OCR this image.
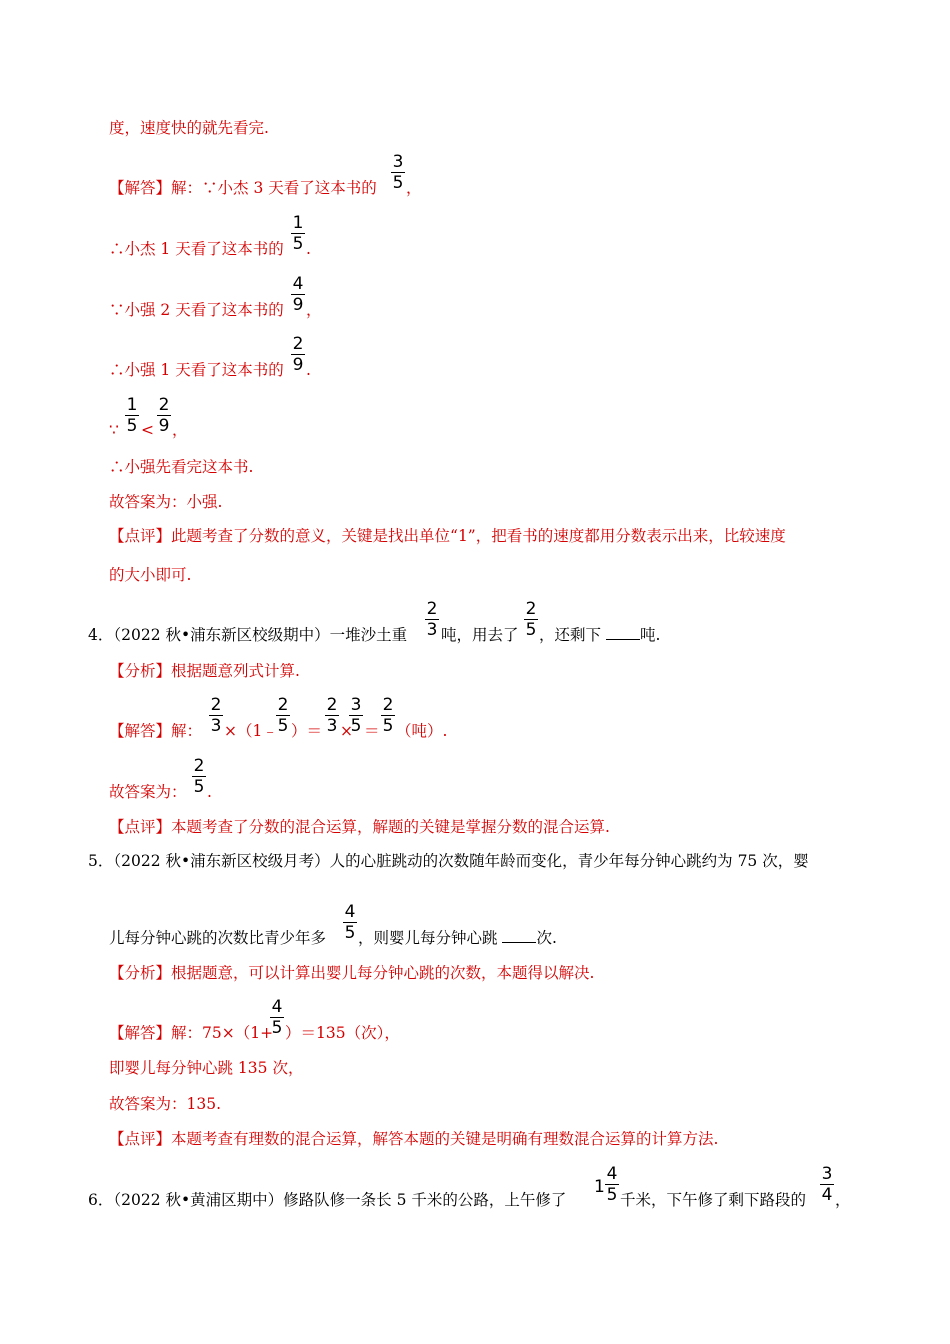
度，速度快的就先看完.
【解答】解：∵小杰 3 天看了这本书的 $\frac{3}{5}$ ，
∴小杰 1 天看了这本书的 $\frac{1}{5}$ .
∵小强 2 天看了这本书的 $\frac{4}{9}$ ，
∴小强 1 天看了这本书的 $\frac{2}{9}$ .
∵ $\frac{1}{5} < \frac{2}{9}$ ，
∴小强先看完这本书.
故答案为：小强.
【点评】此题考查了分数的意义，关键是找出单位“1”，把看书的速度都用分数表示出来，比较速度
的大小即可.
4．（2022 秋•浦东新区校级期中）一堆沙土重 $\frac{2}{3}$ 吨，用去了 $\frac{2}{5}$ ，还剩下	吨.
【分析】根据题意列式计算.
【解答】解： $\frac{2}{3}$ ×（1﹣
$\frac{2}{5}$ ）＝ $\frac{2}{3}$ ×
$\frac{3}{5} = \frac{2}{5}$ （吨）.
故答案为： $\frac{2}{5}$ .
【点评】本题考查了分数的混合运算，解题的关键是掌握分数的混合运算.
5．（2022 秋•浦东新区校级月考）人的心脏跳动的次数随年龄而变化，青少年每分钟心跳约为 75 次，婴
儿每分钟心跳的次数比青少年多 $\frac{4}{5}$ ，则婴儿每分钟心跳	次.
【分析】根据题意，可以计算出婴儿每分钟心跳的次数，本题得以解决.
【解答】解：75×（1+
$\frac{4}{5} )=135$（次），
即婴儿每分钟心跳 135 次，
故答案为：135.
【点评】本题考查有理数的混合运算，解答本题的关键是明确有理数混合运算的计算方法.
6．（2022 秋•黄浦区期中）修路队修一条长 5 千米的公路，上午修了
$1 \frac{4}{5}$ 千米，下午修了剩下路段的 $\frac{3}{4}$ ，
